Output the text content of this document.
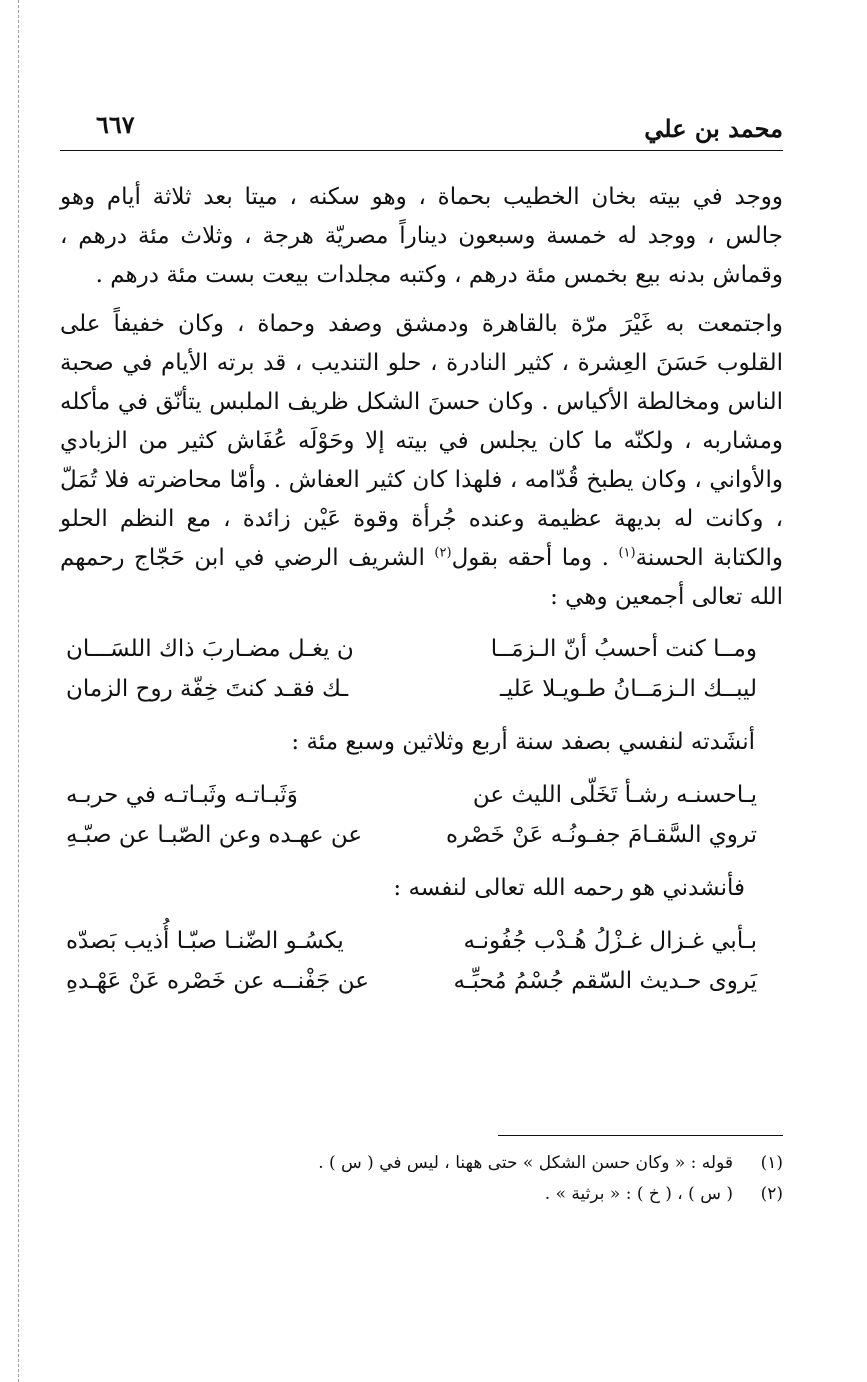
محمد بن علي
٦٦٧

ووجد في بيته بخان الخطيب بحماة ، وهو سكنه ، ميتا بعد ثلاثة أيام وهو جالس ، ووجد له خمسة وسبعون ديناراً مصريّة هرجة ، وثلاث مئة درهم ، وقماش بدنه بيع بخمس مئة درهم ، وكتبه مجلدات بيعت بست مئة درهم .

واجتمعت به غَيْرَ مرّة بالقاهرة ودمشق وصفد وحماة ، وكان خفيفاً على القلوب حَسَنَ العِشرة ، كثير النادرة ، حلو التنديب ، قد برته الأيام في صحبة الناس ومخالطة الأكياس . وكان حسنَ الشكل ظريف الملبس يتأنّق في مأكله ومشاربه ، ولكنّه ما كان يجلس في بيته إلا وحَوْلَه عُفَاش كثير من الزبادي والأواني ، وكان يطبخ قُدّامه ، فلهذا كان كثير العفاش . وأمّا محاضرته فلا تُمَلّ ، وكانت له بديهة عظيمة وعنده جُرأة وقوة عَيْن زائدة ، مع النظم الحلو والكتابة الحسنة$^{(١)}$ . وما أحقه بقول$^{(٢)}$ الشريف الرضي في ابن حَجّاج رحمهم الله تعالى أجمعين وهي :

ومــا كنت أحسبُ أنّ الـزمَــا
ن يغـل مضـاربَ ذاك اللسَـــان
ليبــك الـزمَــانُ طـويـلا عَليـ
ـك فقـد كنتَ خِفّة روح الزمان
أنشَدته لنفسي بصفد سنة أربع وثلاثين وسبع مئة :
يـاحسنـه رشـأ تَخَلّى الليث عن
وَثَبـاتـه وثَبـاتـه في حربـه
تروي السَّقـامَ جفـونُـه عَنْ خَصْره
عن عهـده وعن الصّبـا عن صبّـهِ
فأنشدني هو رحمه الله تعالى لنفسه :
بـأبي غـزال غـزْلُ هُـدْب جُفُونـه
يكسُـو الضّنـا صبّـا أُذيب بَصدّه
يَروى حـديث السّقم جُسْمُ مُحبِّـه
عن جَفْنــه عن خَصْره عَنْ عَهْـدهِ
(١)
قوله : « وكان حسن الشكل » حتى ههنا ، ليس في ( س ) .
(٢)
( س ) ، ( خ ) : « برثية » .
